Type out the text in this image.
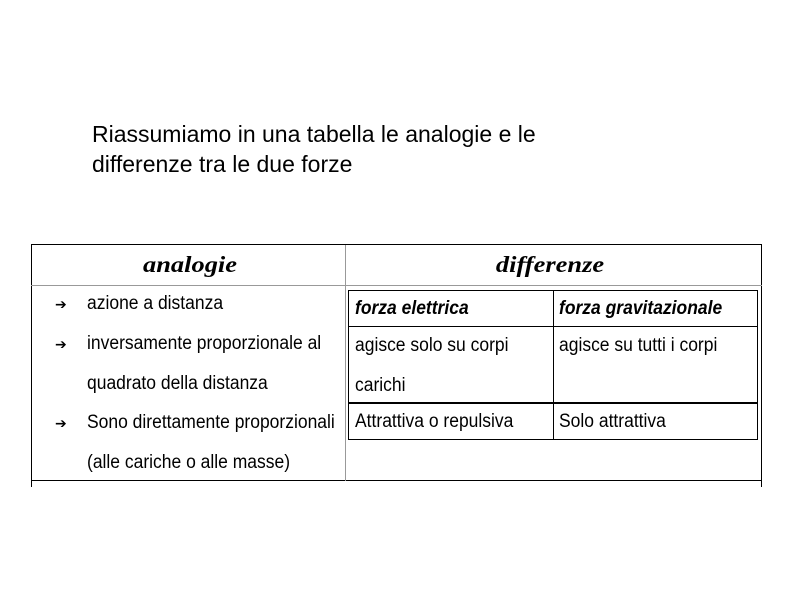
Riassumiamo in una tabella le analogie e le
differenze tra le due forze
analogie	differenze
➔ azione a distanza
➔ inversamente proporzionale al
quadrato della distanza
➔ Sono direttamente proporzionali
(alle cariche o alle masse)
forza elettrica	forza gravitazionale
agisce solo su corpi
carichi
agisce su tutti i corpi
Attrattiva o repulsiva Solo attrattiva
